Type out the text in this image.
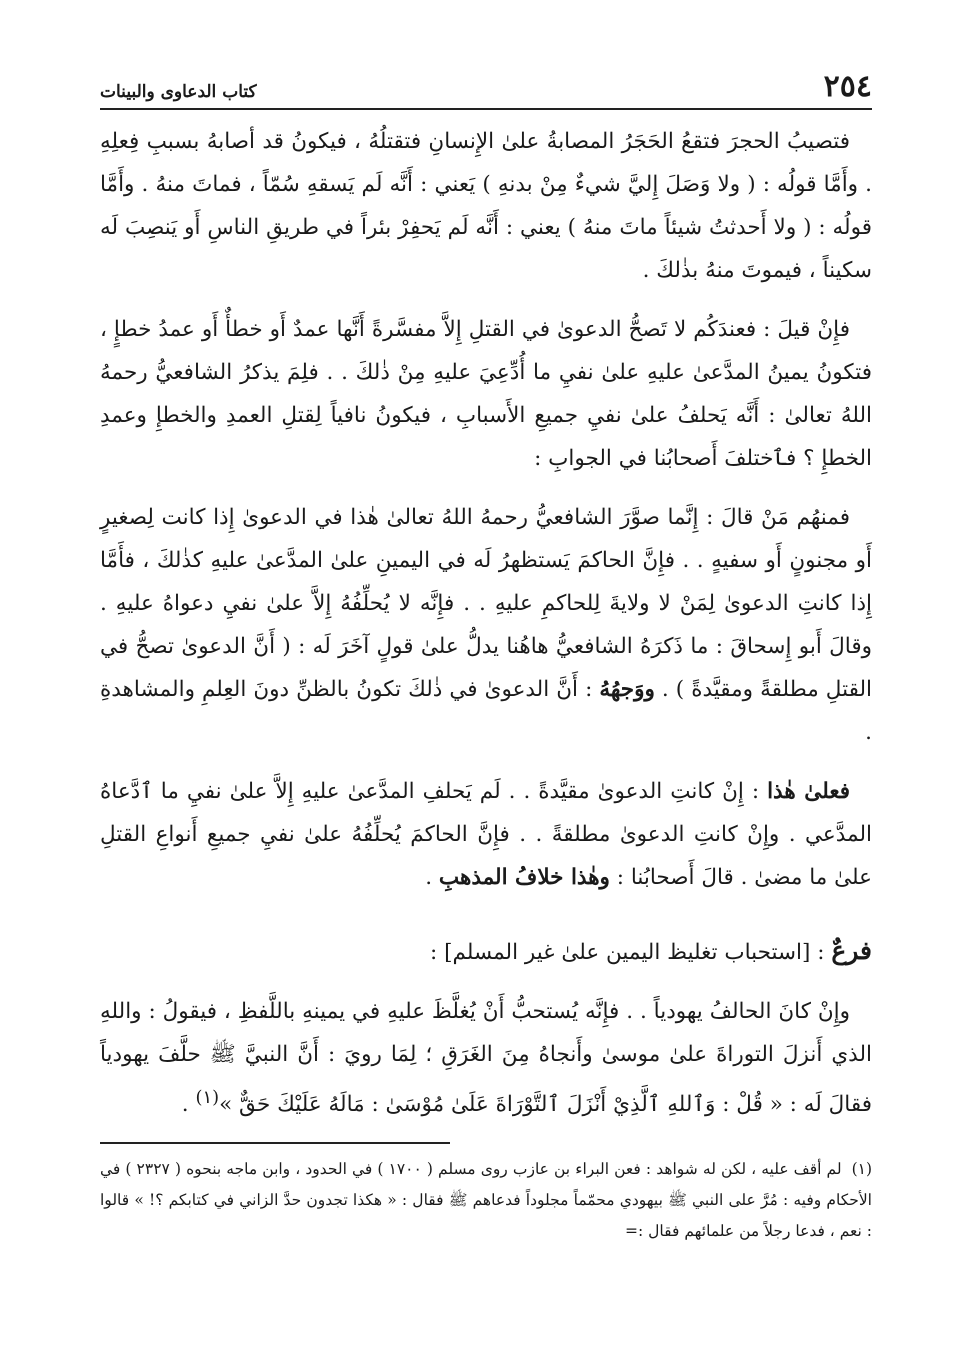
٢٥٤
كتاب الدعاوى والبينات

فتصيبُ الحجرَ فتقعُ الحَجَرُ المصابةُ علىٰ الإِنسانِ فتقتلُهُ ، فيكونُ قد أصابهُ بسببِ فِعلِهِ . وأَمَّا قولُه : ( ولا وَصَلَ إِليَّ شيءٌ مِنْ بدنهِ ) يَعني : أَنَّه لَم يَسقهِ سُمّاً ، فماتَ منهُ . وأَمَّا قولُه : ( ولا أَحدثتُ شيئاً ماتَ منهُ ) يعني : أَنَّه لَم يَحفِرْ بئراً في طريقِ الناسِ أَو يَنصِبَ لَه سكيناً ، فيموتَ منهُ بذٰلكَ .

فإِنْ قيلَ : فعندَكُم لا تَصحُّ الدعوىٰ في القتلِ إِلاَّ مفسَّرةً أَنَّها عمدٌ أَو خطأٌ أَو عمدُ خطإٍ ، فتكونُ يمينُ المدَّعىٰ عليهِ علىٰ نفيِ ما أُدِّعِيَ عليهِ مِنْ ذٰلكَ . . فلِمَ يذكرُ الشافعيُّ رحمهُ اللهُ تعالىٰ : أَنَّه يَحلفُ علىٰ نفيِ جميعِ الأَسبابِ ، فيكونُ نافياً لِقتلِ العمدِ والخطإِ وعمدِ الخطإِ ؟ فٱختلفَ أَصحابُنا في الجوابِ :

فمنهُم مَنْ قالَ : إِنَّما صوَّرَ الشافعيُّ رحمهُ اللهُ تعالىٰ هٰذا في الدعوىٰ إِذا كانت لِصغيرٍ أَو مجنونٍ أَو سفيهٍ . . فإِنَّ الحاكمَ يَستظهرُ لَه في اليمينِ علىٰ المدَّعىٰ عليهِ كذٰلكَ ، فأَمَّا إِذا كانتِ الدعوىٰ لِمَنْ لا ولايةَ لِلحاكمِ عليهِ . . فإِنَّه لا يُحلِّفُهُ إِلاَّ علىٰ نفيِ دعواهُ عليهِ . وقالَ أَبو إِسحاقَ : ما ذَكرَهُ الشافعيُّ هاهُنا يدلُّ علىٰ قولٍ آخَرَ لَه : ( أَنَّ الدعوىٰ تصحُّ في القتلِ مطلقةً ومقيَّدةً ) . ووَجهُهُ : أَنَّ الدعوىٰ في ذٰلكَ تكونُ بالظنِّ دونَ العِلمِ والمشاهدةِ .

فعلىٰ هٰذا : إِنْ كانتِ الدعوىٰ مقيَّدةً . . لَم يَحلفِ المدَّعىٰ عليهِ إِلاَّ علىٰ نفيِ ما ٱدَّعاهُ المدَّعي . وإِنْ كانتِ الدعوىٰ مطلقةً . . فإِنَّ الحاكمَ يُحلِّفُهُ علىٰ نفيِ جميعِ أَنواعِ القتلِ علىٰ ما مضىٰ . قالَ أَصحابُنا : وهٰذا خلافُ المذهبِ .

فرعٌ : [استحباب تغليظ اليمين علىٰ غير المسلم] :

وإِنْ كانَ الحالفُ يهودياً . . فإِنَّه يُستحبُّ أَنْ يُغلَّظَ عليهِ في يمينهِ باللَّفظِ ، فيقولُ : واللهِ الذي أَنزلَ التوراةَ علىٰ موسىٰ وأَنجاهُ مِنَ الغَرَقِ ؛ لِمَا رويَ : أَنَّ النبيَّ ﷺ حلَّفَ يهودياً فقالَ لَه : « قُلْ : وَٱللهِ ٱلَّذِيْ أَنْزَلَ ٱلتَّوْرَاةَ عَلَىٰ مُوْسَىٰ : مَالَهُ عَلَيْكَ حَقٌّ »$^{(١)}$ .

(١)لم أقف عليه ، لكن له شواهد : فعن البراء بن عازب روى مسلم ( ١٧٠٠ ) في الحدود ، وابن ماجه بنحوه ( ٢٣٢٧ ) في الأحكام وفيه : مُرَّ على النبي ﷺ بيهودي محمّماً مجلوداً فدعاهم ﷺ فقال : « هكذا تجدون حدَّ الزاني في كتابكم ؟! » قالوا : نعم ، فدعا رجلاً من علمائهم فقال :=
